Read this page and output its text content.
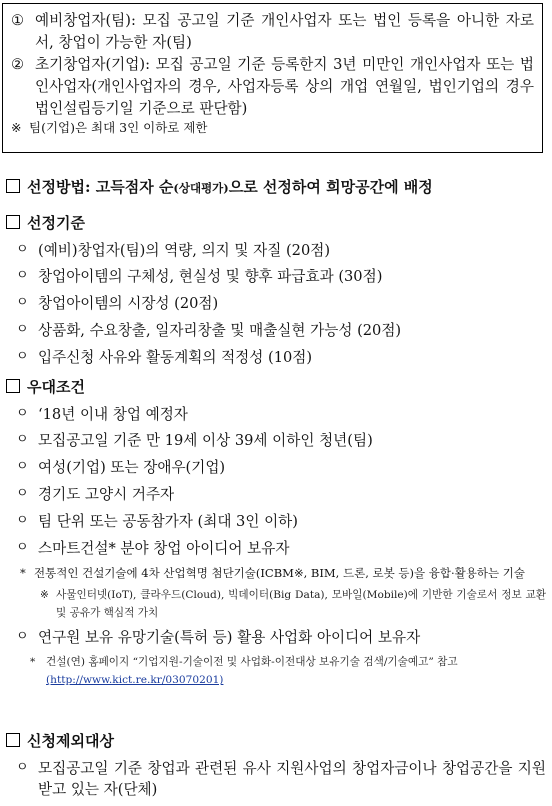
① 예비창업자(팀): 모집 공고일 기준 개인사업자 또는 법인 등록을 아니한 자로서, 창업이 가능한 자(팀)
② 초기창업자(기업): 모집 공고일 기준 등록한지 3년 미만인 개인사업자 또는 법인사업자(개인사업자의 경우, 사업자등록 상의 개업 연월일, 법인기업의 경우 법인설립등기일 기준으로 판단함)
※ 팀(기업)은 최대 3인 이하로 제한

선정방법: 고득점자 순(상대평가)으로 선정하여 희망공간에 배정

선정기준

ㅇ (예비)창업자(팀)의 역량, 의지 및 자질 (20점)
ㅇ 창업아이템의 구체성, 현실성 및 향후 파급효과 (30점)
ㅇ 창업아이템의 시장성 (20점)
ㅇ 상품화, 수요창출, 일자리창출 및 매출실현 가능성 (20점)
ㅇ 입주신청 사유와 활동계획의 적정성 (10점)

우대조건

ㅇ ‘18년 이내 창업 예정자
ㅇ 모집공고일 기준 만 19세 이상 39세 이하인 청년(팀)
ㅇ 여성(기업) 또는 장애우(기업)
ㅇ 경기도 고양시 거주자
ㅇ 팀 단위 또는 공동참가자 (최대 3인 이하)
ㅇ 스마트건설* 분야 창업 아이디어 보유자
* 전통적인 건설기술에 4차 산업혁명 첨단기술(ICBM※, BIM, 드론, 로봇 등)을 융합·활용하는 기술
※ 사물인터넷(IoT), 클라우드(Cloud), 빅데이터(Big Data), 모바일(Mobile)에 기반한 기술로서 정보 교환 및 공유가 핵심적 가치
ㅇ 연구원 보유 유망기술(특허 등) 활용 사업화 아이디어 보유자
*	건설(연) 홈페이지 “기업지원-기술이전 및 사업화-이전대상 보유기술 검색/기술예고” 참고
(http://www.kict.re.kr/03070201)

신청제외대상

ㅇ 모집공고일 기준 창업과 관련된 유사 지원사업의 창업자금이나 창업공간을 지원받고 있는 자(단체)
